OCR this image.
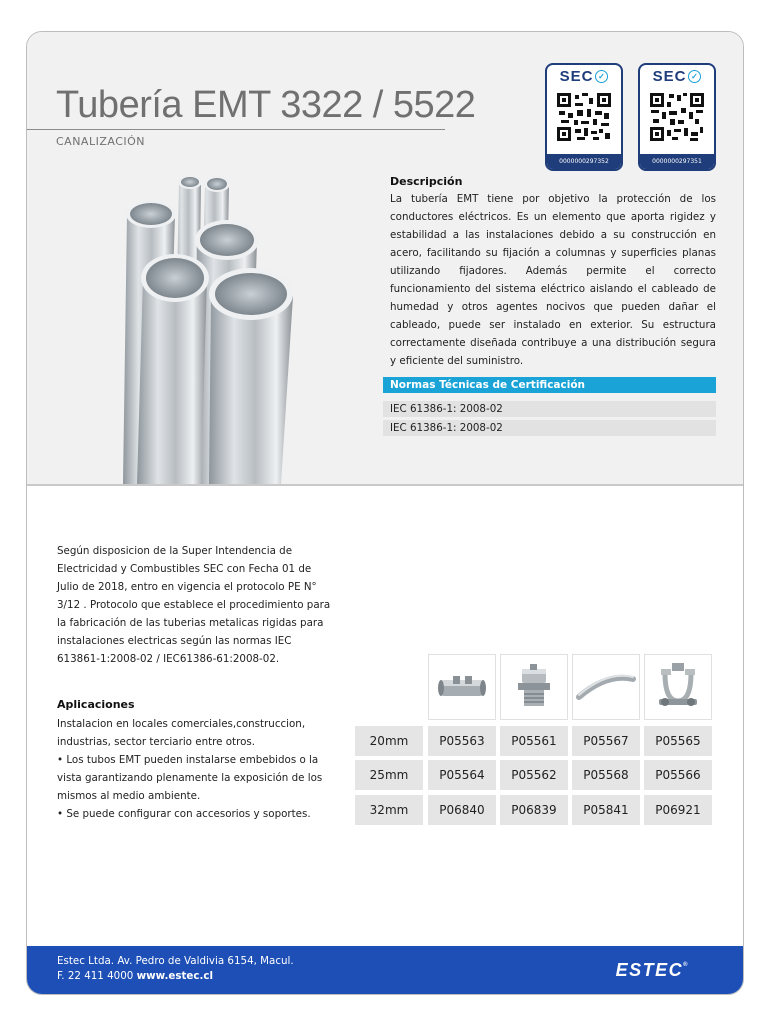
Tubería EMT 3322 / 5522
CANALIZACIÓN
SEC ✓
0000000297352
SEC ✓
0000000297351
Descripción
La tubería EMT tiene por objetivo la protección de los conductores eléctricos. Es un elemento que aporta rigidez y estabilidad a las instalaciones debido a su construcción en acero, facilitando su fijación a columnas y superficies planas utilizando fijadores. Además permite el correcto funcionamiento del sistema eléctrico aislando el cableado de humedad y otros agentes nocivos que pueden dañar el cableado, puede ser instalado en exterior. Su estructura correctamente diseñada contribuye a una distribución segura y eficiente del suministro.
Normas Técnicas de Certificación
IEC 61386-1: 2008-02
IEC 61386-1: 2008-02
Según disposicion de la Super Intendencia de Electricidad y Combustibles SEC con Fecha 01 de Julio de 2018, entro en vigencia el protocolo PE N° 3/12 . Protocolo que establece el procedimiento para la fabricación de las tuberias metalicas rigidas para instalaciones electricas según las normas IEC 613861-1:2008-02 / IEC61386-61:2008-02.
Aplicaciones
Instalacion en locales comerciales,construccion,
industrias, sector terciario entre otros.
• Los tubos EMT pueden instalarse embebidos o la
vista garantizando plenamente la exposición de los
mismos al medio ambiente.
• Se puede configurar con accesorios y soportes.
20mm	P05563	P05561	P05567	P05565
25mm	P05564	P05562	P05568	P05566
32mm	P06840	P06839	P05841	P06921
Estec Ltda. Av. Pedro de Valdivia 6154, Macul.
F. 22 411 4000 www.estec.cl	ESTEC®
